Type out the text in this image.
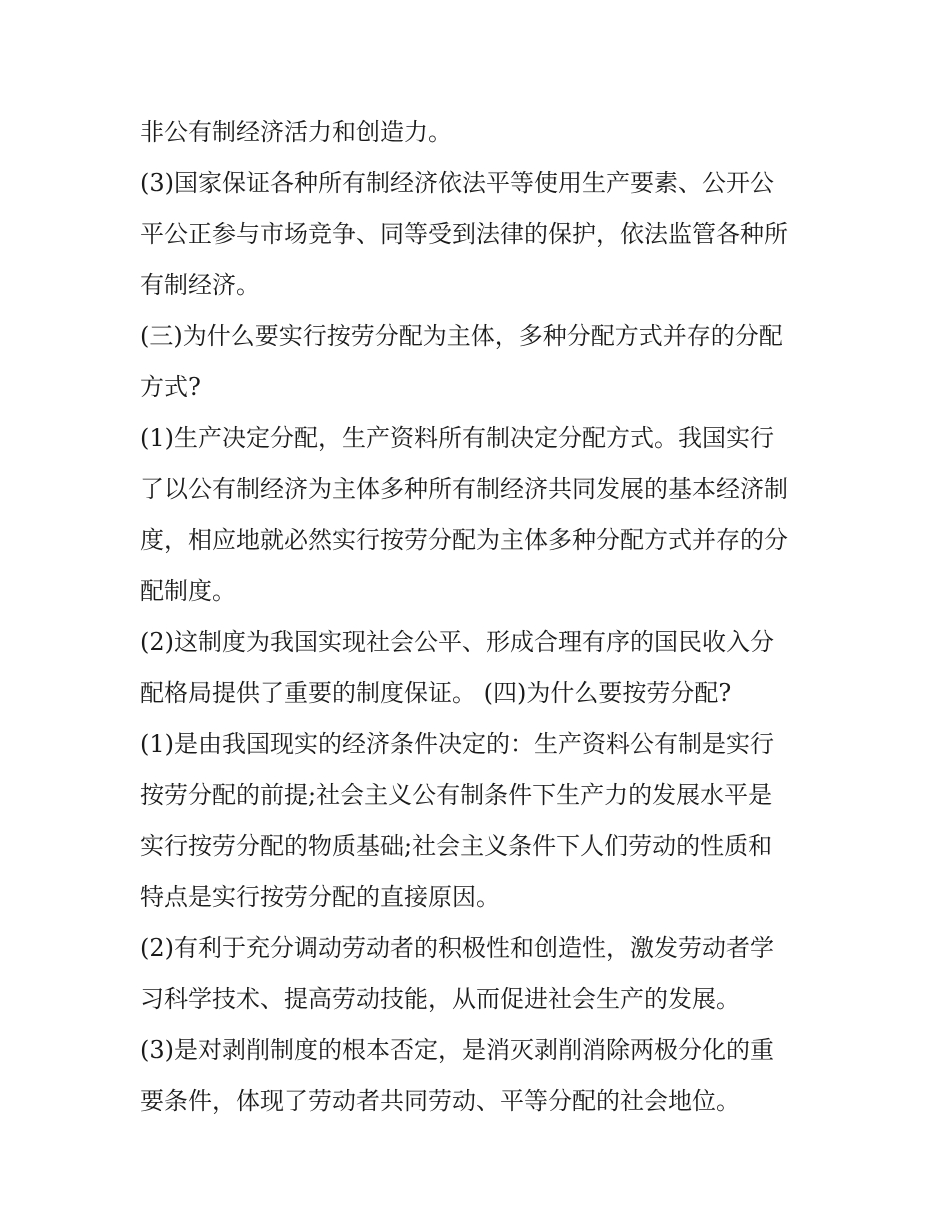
非公有制经济活力和创造力。
(3)国家保证各种所有制经济依法平等使用生产要素、公开公
平公正参与市场竞争、同等受到法律的保护，依法监管各种所
有制经济。
(三)为什么要实行按劳分配为主体，多种分配方式并存的分配
方式?
(1)生产决定分配，生产资料所有制决定分配方式。我国实行
了以公有制经济为主体多种所有制经济共同发展的基本经济制
度，相应地就必然实行按劳分配为主体多种分配方式并存的分
配制度。
(2)这制度为我国实现社会公平、形成合理有序的国民收入分
配格局提供了重要的制度保证。 (四)为什么要按劳分配?
(1)是由我国现实的经济条件决定的：生产资料公有制是实行
按劳分配的前提;社会主义公有制条件下生产力的发展水平是
实行按劳分配的物质基础;社会主义条件下人们劳动的性质和
特点是实行按劳分配的直接原因。
(2)有利于充分调动劳动者的积极性和创造性，激发劳动者学
习科学技术、提高劳动技能，从而促进社会生产的发展。
(3)是对剥削制度的根本否定，是消灭剥削消除两极分化的重
要条件，体现了劳动者共同劳动、平等分配的社会地位。
